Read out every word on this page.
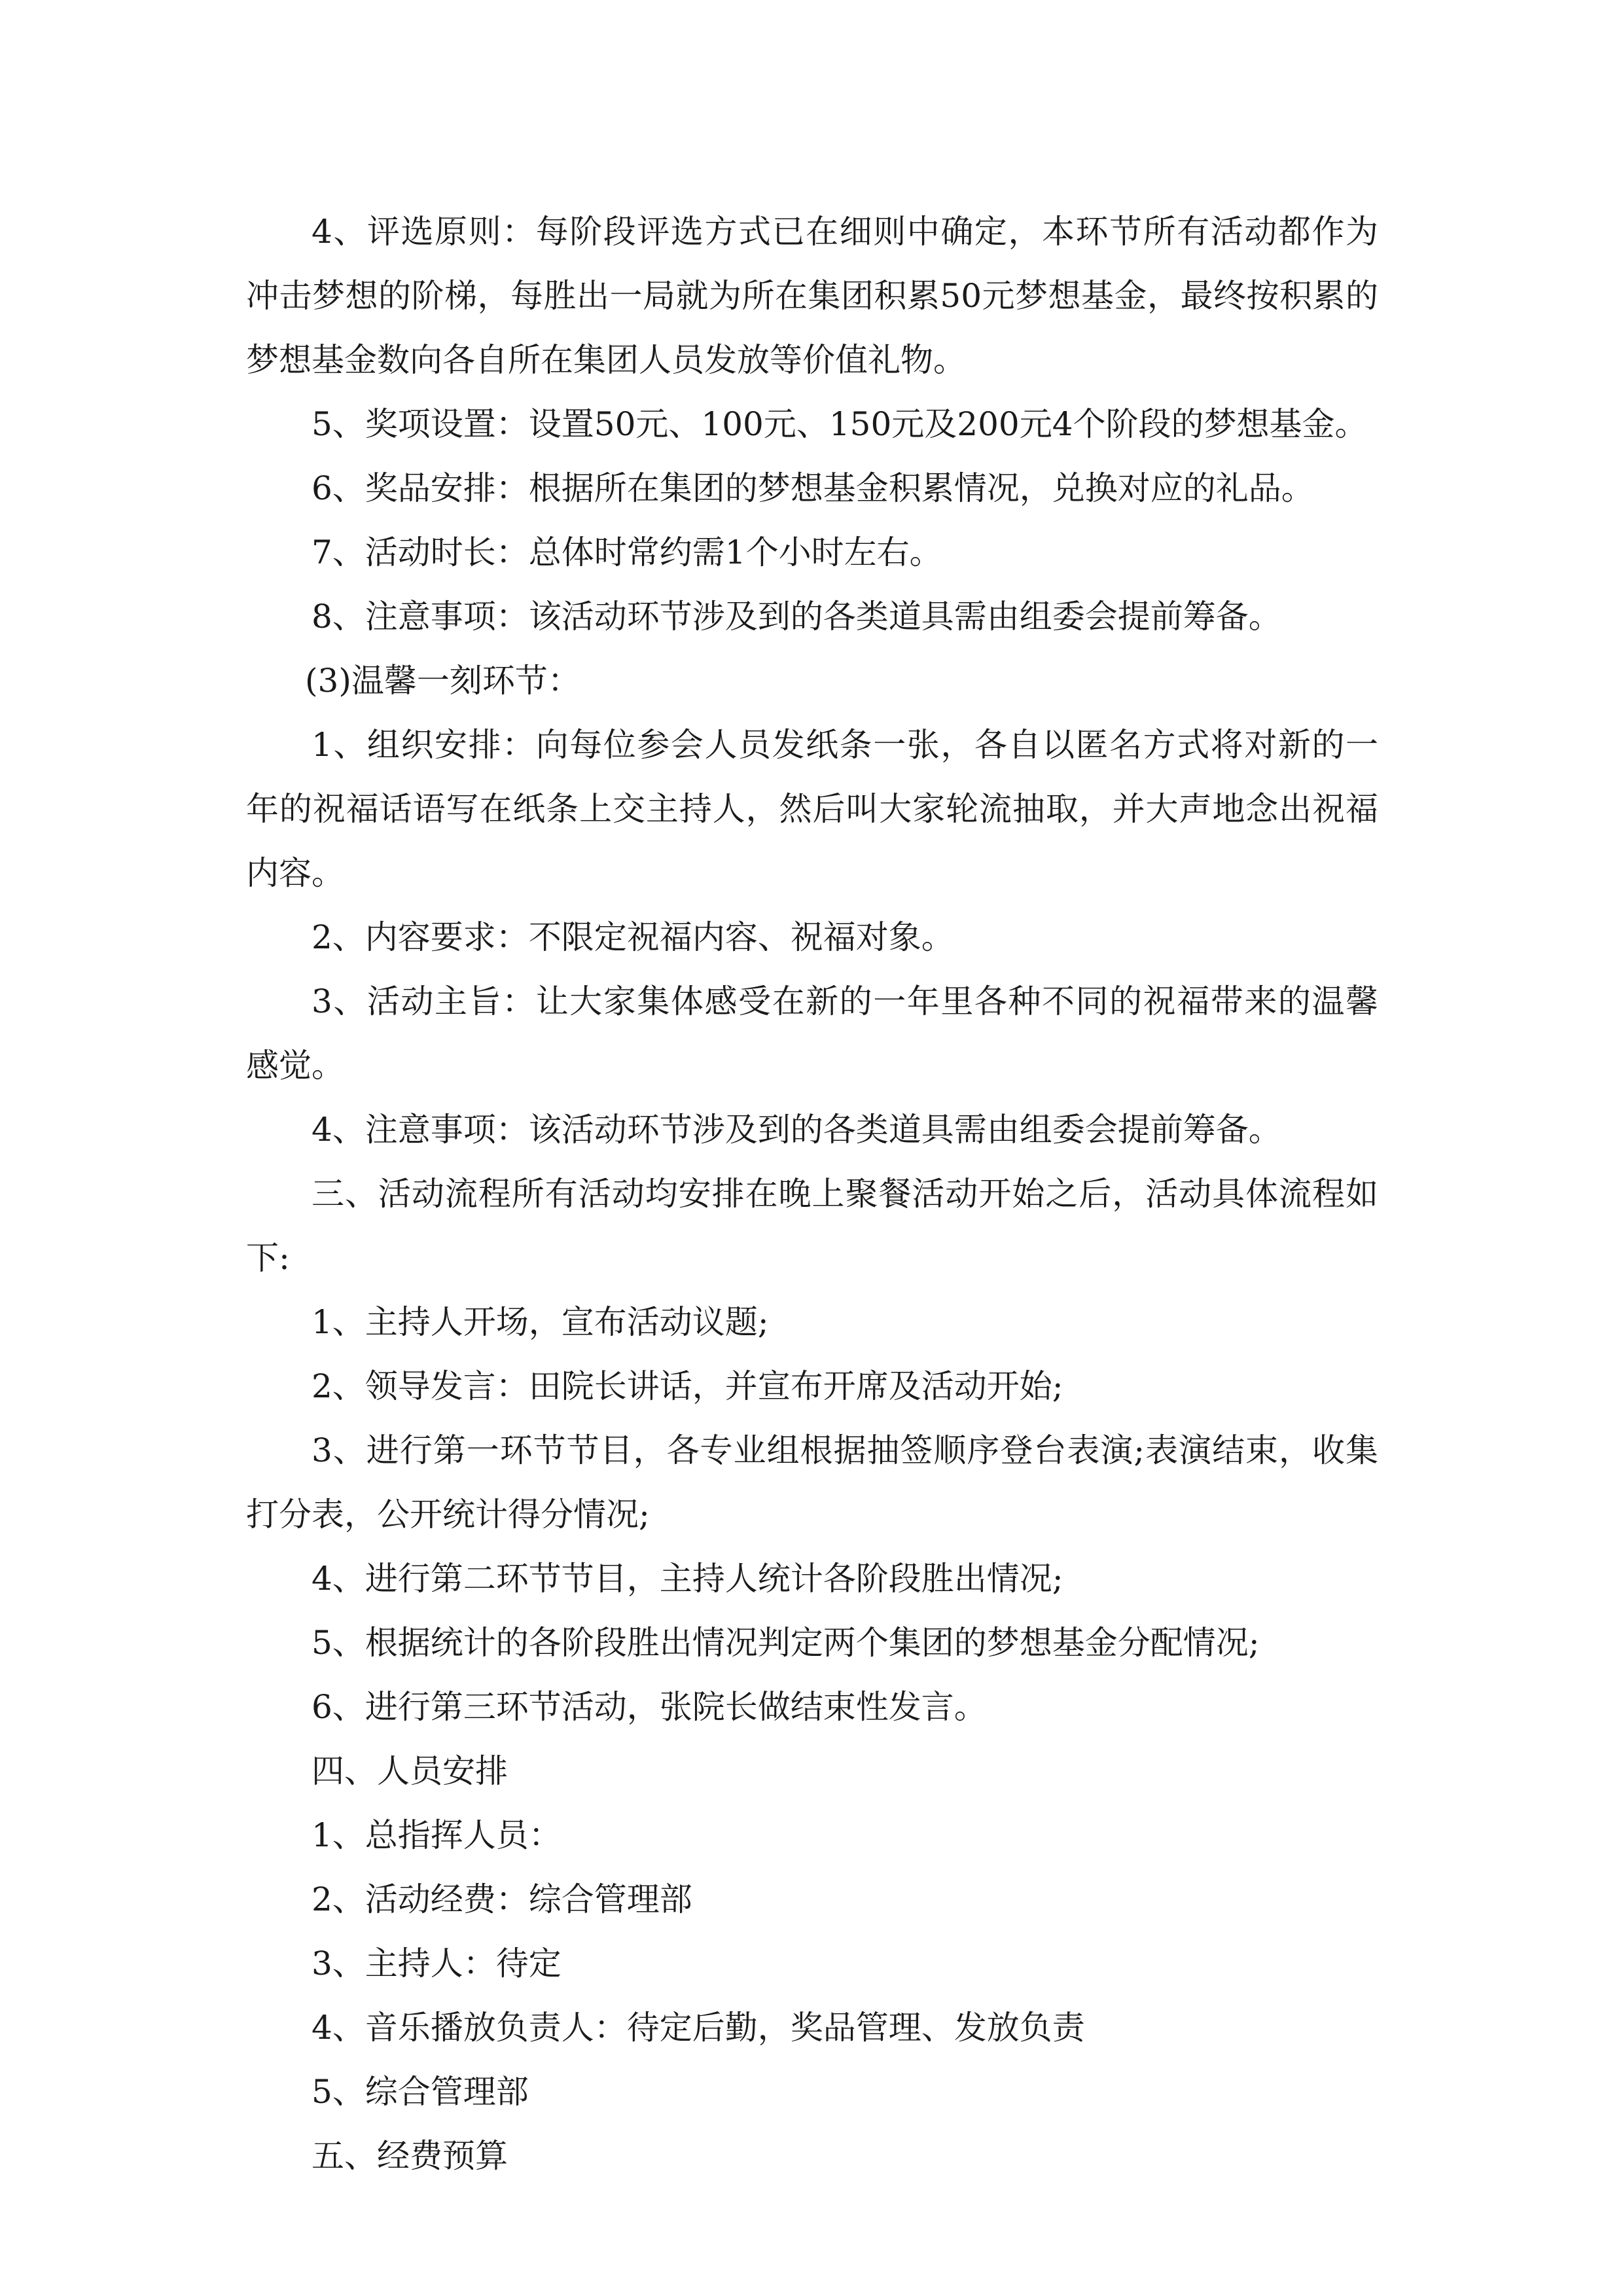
4、评选原则：每阶段评选方式已在细则中确定，本环节所有活动都作为冲击梦想的阶梯，每胜出一局就为所在集团积累50元梦想基金，最终按积累的梦想基金数向各自所在集团人员发放等价值礼物。

5、奖项设置：设置50元、100元、150元及200元4个阶段的梦想基金。

6、奖品安排：根据所在集团的梦想基金积累情况，兑换对应的礼品。

7、活动时长：总体时常约需1个小时左右。

8、注意事项：该活动环节涉及到的各类道具需由组委会提前筹备。

(3)温馨一刻环节：

1、组织安排：向每位参会人员发纸条一张，各自以匿名方式将对新的一年的祝福话语写在纸条上交主持人，然后叫大家轮流抽取，并大声地念出祝福内容。

2、内容要求：不限定祝福内容、祝福对象。

3、活动主旨：让大家集体感受在新的一年里各种不同的祝福带来的温馨感觉。

4、注意事项：该活动环节涉及到的各类道具需由组委会提前筹备。

三、活动流程所有活动均安排在晚上聚餐活动开始之后，活动具体流程如下:

1、主持人开场，宣布活动议题;

2、领导发言：田院长讲话，并宣布开席及活动开始;

3、进行第一环节节目，各专业组根据抽签顺序登台表演;表演结束，收集打分表，公开统计得分情况;

4、进行第二环节节目，主持人统计各阶段胜出情况;

5、根据统计的各阶段胜出情况判定两个集团的梦想基金分配情况;

6、进行第三环节活动，张院长做结束性发言。

四、人员安排

1、总指挥人员：

2、活动经费：综合管理部

3、主持人：待定

4、音乐播放负责人：待定后勤，奖品管理、发放负责

5、综合管理部

五、经费预算
